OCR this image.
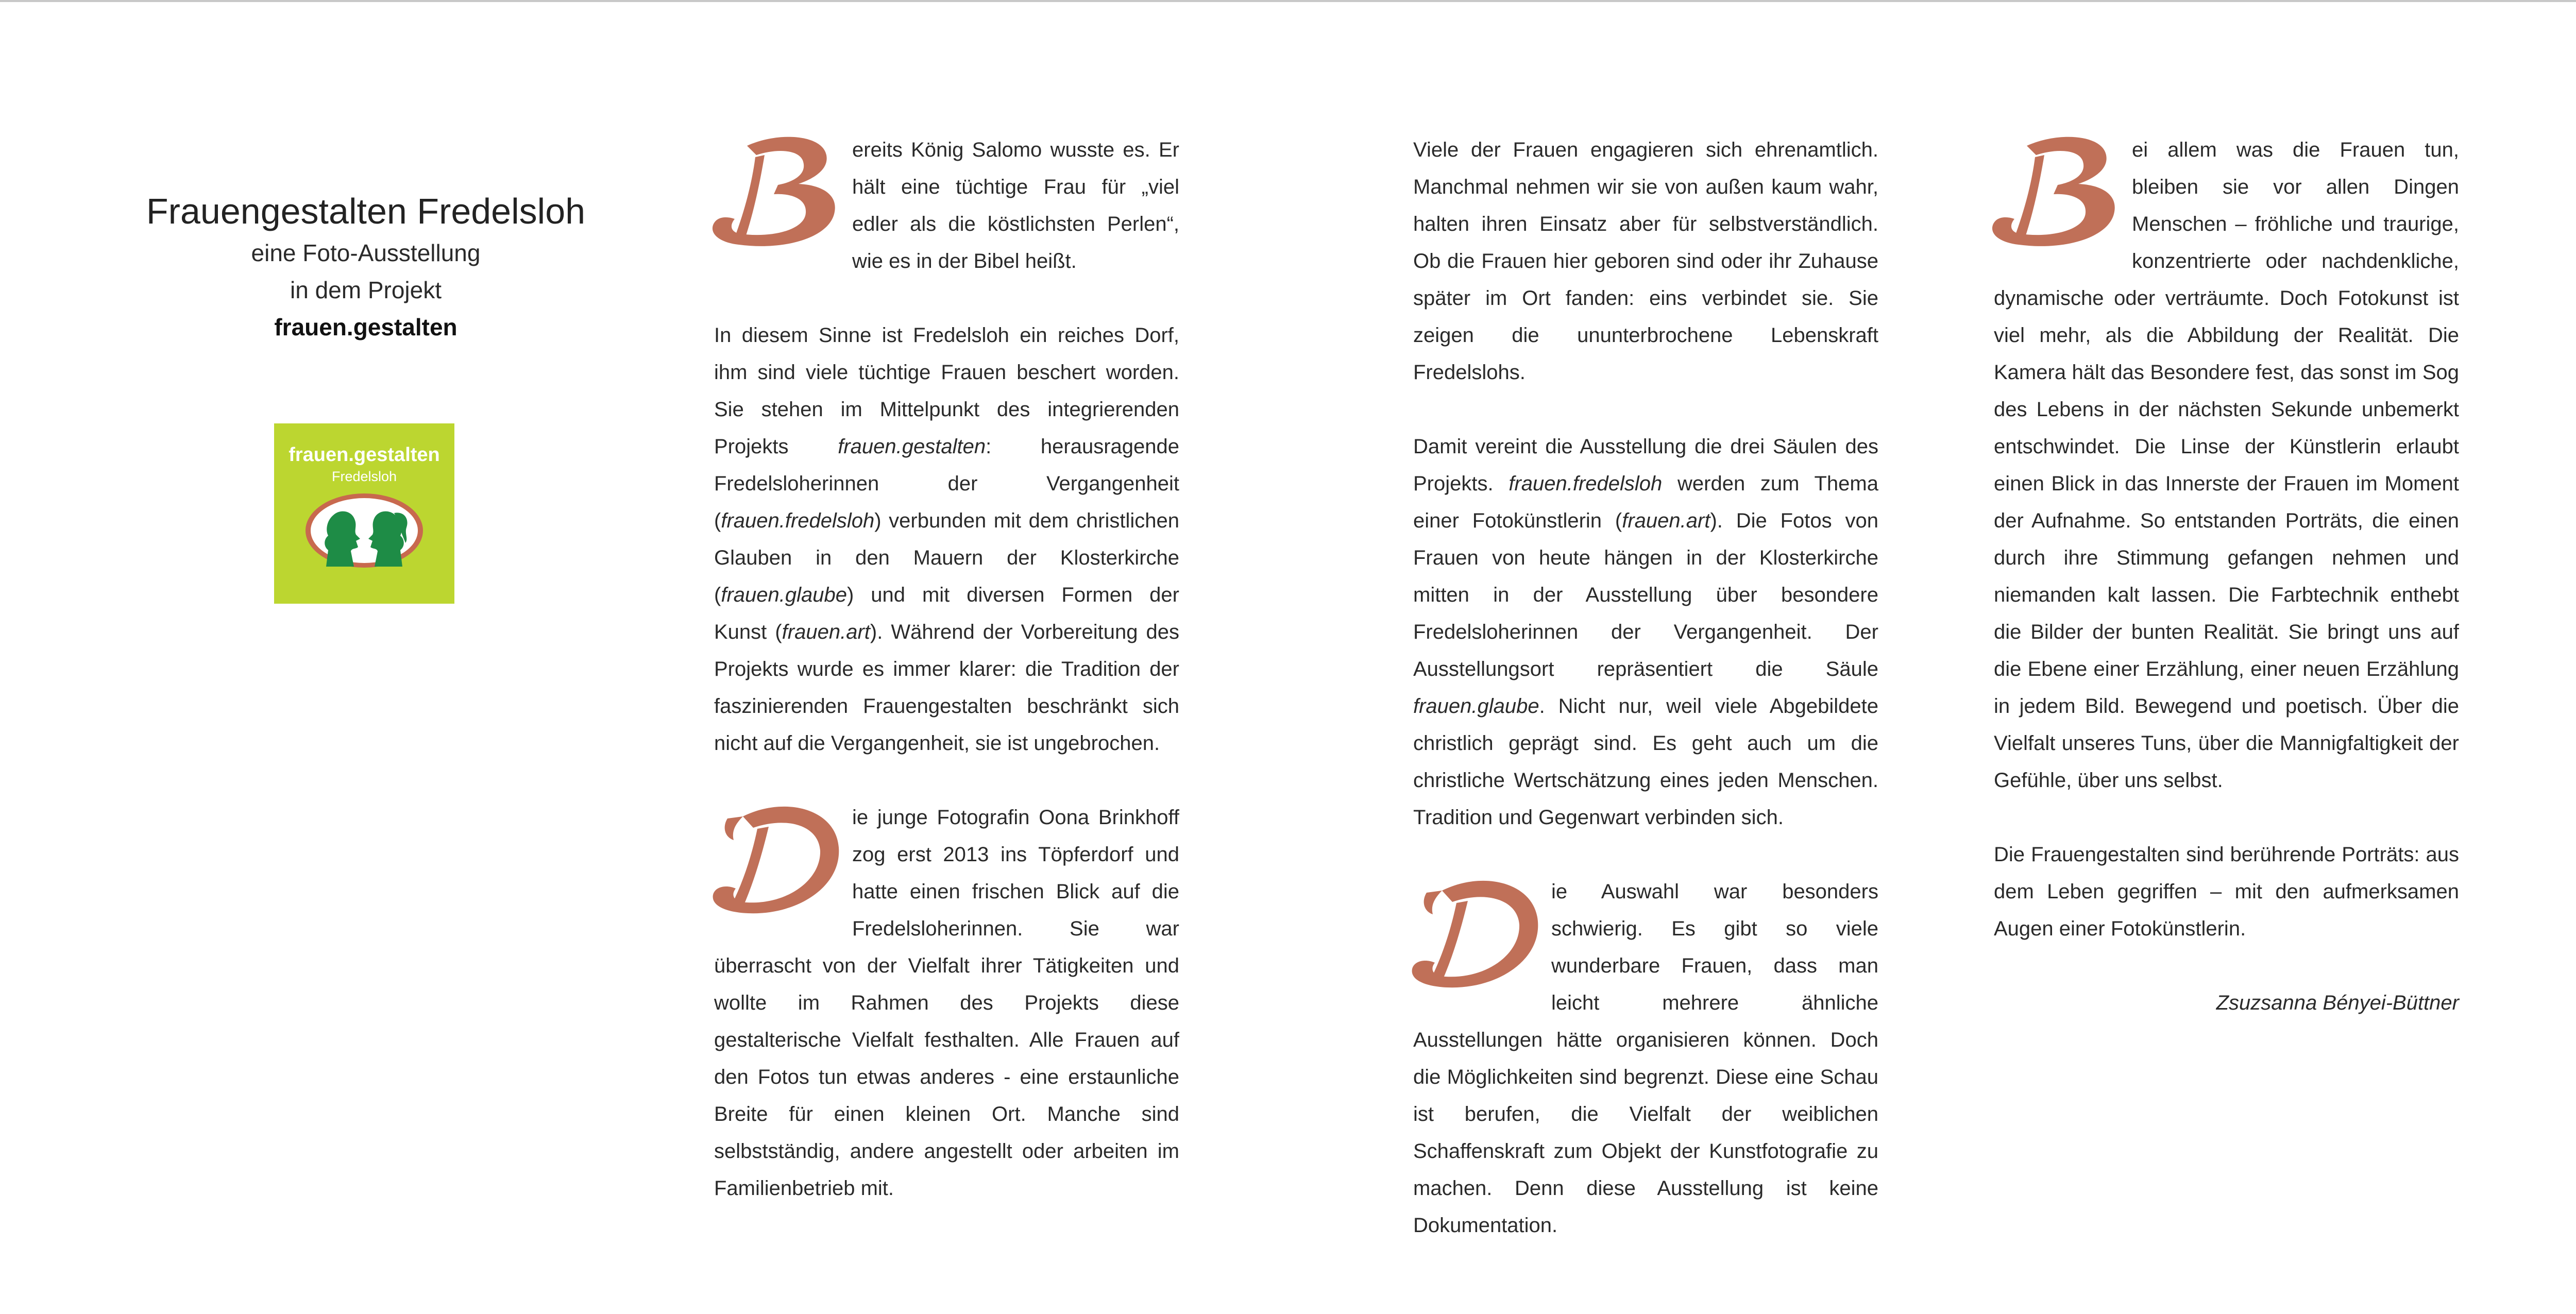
Frauengestalten Fredelsloh
eine Foto-Ausstellung
in dem Projekt
frauen.gestalten
frauen.gestalten
Fredelsloh

ereits König Salomo wusste es. Er hält eine tüchtige Frau für „viel edler als die köstlichsten Perlen“, wie es in der Bibel heißt.

In diesem Sinne ist Fredelsloh ein reiches Dorf, ihm sind viele tüchtige Frauen beschert worden. Sie stehen im Mittelpunkt des integrierenden Projekts frauen.gestalten: herausragende Fredelsloherinnen der Vergangenheit (frauen.fredelsloh) verbunden mit dem christlichen Glauben in den Mauern der Klosterkirche (frauen.glaube) und mit diversen Formen der Kunst (frauen.art). Während der Vorbereitung des Projekts wurde es immer klarer: die Tradition der faszinierenden Frauengestalten beschränkt sich nicht auf die Vergangenheit, sie ist ungebrochen.

ie junge Fotografin Oona Brinkhoff zog erst 2013 ins Töpferdorf und hatte einen frischen Blick auf die Fredelsloherinnen. Sie war überrascht von der Vielfalt ihrer Tätigkeiten und wollte im Rahmen des Projekts diese gestalterische Vielfalt festhalten. Alle Frauen auf den Fotos tun etwas anderes - eine erstaunliche Breite für einen kleinen Ort. Manche sind selbstständig, andere angestellt oder arbeiten im Familienbetrieb mit.

Viele der Frauen engagieren sich ehrenamtlich. Manchmal nehmen wir sie von außen kaum wahr, halten ihren Einsatz aber für selbstverständlich. Ob die Frauen hier geboren sind oder ihr Zuhause später im Ort fanden: eins verbindet sie. Sie zeigen die ununterbrochene Lebenskraft Fredelslohs.

Damit vereint die Ausstellung die drei Säulen des Projekts. frauen.fredelsloh werden zum Thema einer Fotokünstlerin (frauen.art). Die Fotos von Frauen von heute hängen in der Klosterkirche mitten in der Ausstellung über besondere Fredelsloherinnen der Vergangenheit. Der Ausstellungsort repräsentiert die Säule frauen.glaube. Nicht nur, weil viele Abgebildete christlich geprägt sind. Es geht auch um die christliche Wertschätzung eines jeden Menschen. Tradition und Gegenwart verbinden sich.

ie Auswahl war besonders schwierig. Es gibt so viele wunderbare Frauen, dass man leicht mehrere ähnliche Ausstellungen hätte organisieren können. Doch die Möglichkeiten sind begrenzt. Diese eine Schau ist berufen, die Vielfalt der weiblichen Schaffenskraft zum Objekt der Kunstfotografie zu machen. Denn diese Ausstellung ist keine Dokumentation.

ei allem was die Frauen tun, bleiben sie vor allen Dingen Menschen – fröhliche und traurige, konzentrierte oder nachdenkliche, dynamische oder verträumte. Doch Fotokunst ist viel mehr, als die Abbildung der Realität. Die Kamera hält das Besondere fest, das sonst im Sog des Lebens in der nächsten Sekunde unbemerkt entschwindet. Die Linse der Künstlerin erlaubt einen Blick in das Innerste der Frauen im Moment der Aufnahme. So entstanden Porträts, die einen durch ihre Stimmung gefangen nehmen und niemanden kalt lassen. Die Farbtechnik enthebt die Bilder der bunten Realität. Sie bringt uns auf die Ebene einer Erzählung, einer neuen Erzählung in jedem Bild. Bewegend und poetisch. Über die Vielfalt unseres Tuns, über die Mannigfaltigkeit der Gefühle, über uns selbst.

Die Frauengestalten sind berührende Porträts: aus dem Leben gegriffen – mit den aufmerksamen Augen einer Fotokünstlerin.

Zsuzsanna Bényei-Büttner
